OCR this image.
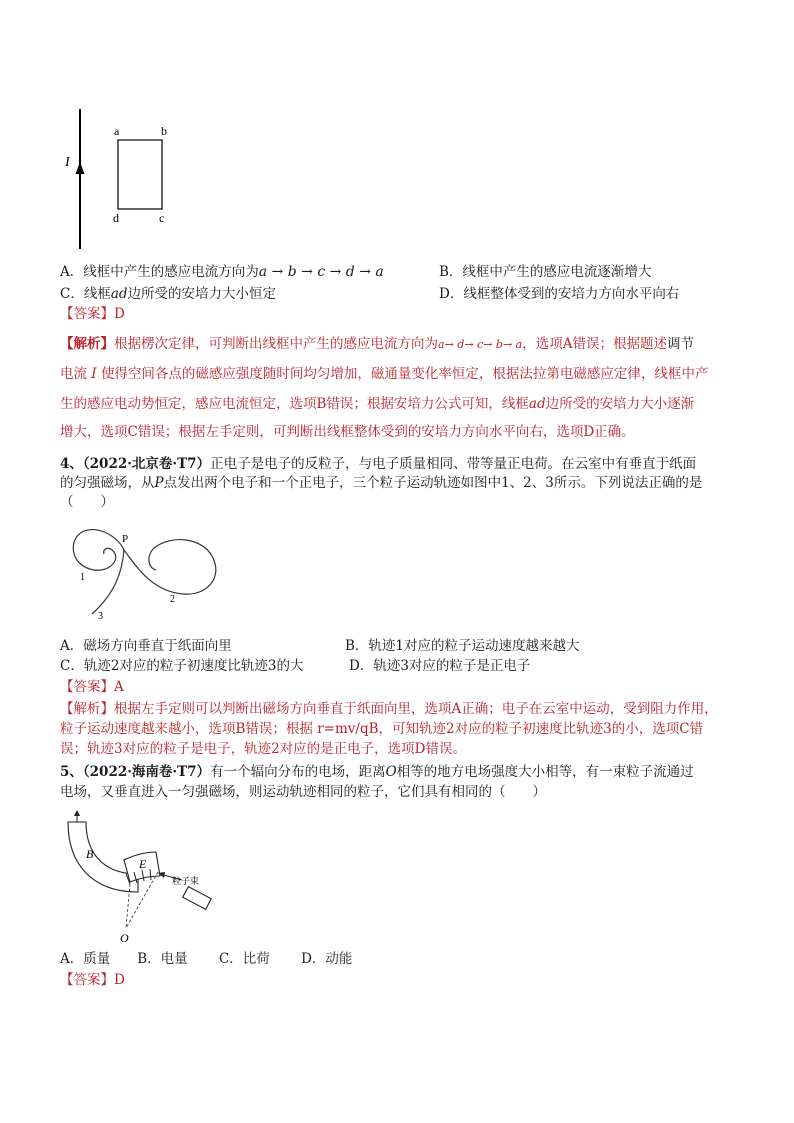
I
a	b
d	c
A．线框中产生的感应电流方向为a → b → c → d → a	B．线框中产生的感应电流逐渐增大
C．线框ad边所受的安培力大小恒定	D．线框整体受到的安培力方向水平向右
【答案】D
【解析】根据楞次定律，可判断出线框中产生的感应电流方向为a→ d→ c→ b→ a，选项A错误；根据题述调节
电流 I 使得空间各点的磁感应强度随时间均匀增加，磁通量变化率恒定，根据法拉第电磁感应定律，线框中产
生的感应电动势恒定，感应电流恒定，选项B错误；根据安培力公式可知，线框ad边所受的安培力大小逐渐
增大，选项C错误；根据左手定则，可判断出线框整体受到的安培力方向水平向右，选项D正确。
4、（2022·北京卷·T7）正电子是电子的反粒子，与电子质量相同、带等量正电荷。在云室中有垂直于纸面
的匀强磁场，从P点发出两个电子和一个正电子，三个粒子运动轨迹如图中1、2、3所示。下列说法正确的是
（　　）
P
1
2
3
A．磁场方向垂直于纸面向里	B．轨迹1对应的粒子运动速度越来越大
C．轨迹2对应的粒子初速度比轨迹3的大	D．轨迹3对应的粒子是正电子
【答案】A
【解析】根据左手定则可以判断出磁场方向垂直于纸面向里，选项A正确；电子在云室中运动，受到阻力作用，
粒子运动速度越来越小，选项B错误；根据 r=mv/qB，可知轨迹2对应的粒子初速度比轨迹3的小，选项C错
误；轨迹3对应的粒子是电子，轨迹2对应的是正电子，选项D错误。
5、（2022·海南卷·T7）有一个辐向分布的电场，距离O相等的地方电场强度大小相等，有一束粒子流通过
电场，又垂直进入一匀强磁场，则运动轨迹相同的粒子，它们具有相同的（　　）
B
E
O
粒子束
A．质量　　B．电量　　 C．比荷　　 D．动能
【答案】D
